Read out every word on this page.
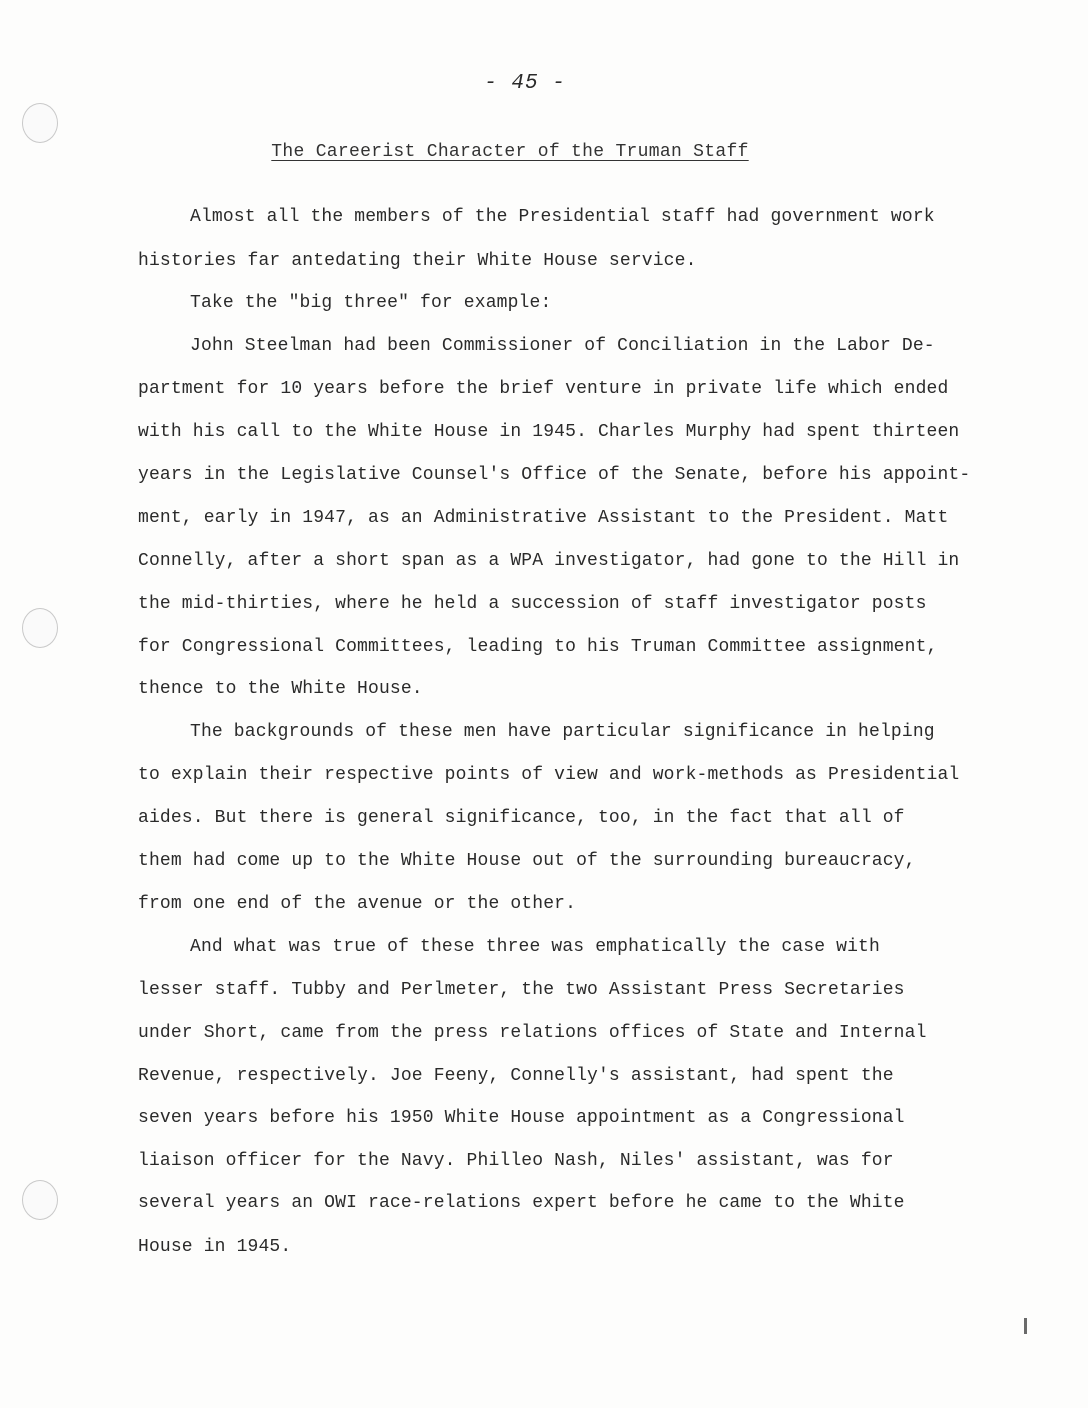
- 45 -
The Careerist Character of the Truman Staff
Almost all the members of the Presidential staff had government work
histories far antedating their White House service.
Take the "big three" for example:
John Steelman had been Commissioner of Conciliation in the Labor De-
partment for 10 years before the brief venture in private life which ended
with his call to the White House in 1945. Charles Murphy had spent thirteen
years in the Legislative Counsel's Office of the Senate, before his appoint-
ment, early in 1947, as an Administrative Assistant to the President. Matt
Connelly, after a short span as a WPA investigator, had gone to the Hill in
the mid-thirties, where he held a succession of staff investigator posts
for Congressional Committees, leading to his Truman Committee assignment,
thence to the White House.
The backgrounds of these men have particular significance in helping
to explain their respective points of view and work-methods as Presidential
aides. But there is general significance, too, in the fact that all of
them had come up to the White House out of the surrounding bureaucracy,
from one end of the avenue or the other.
And what was true of these three was emphatically the case with
lesser staff. Tubby and Perlmeter, the two Assistant Press Secretaries
under Short, came from the press relations offices of State and Internal
Revenue, respectively. Joe Feeny, Connelly's assistant, had spent the
seven years before his 1950 White House appointment as a Congressional
liaison officer for the Navy. Philleo Nash, Niles' assistant, was for
several years an OWI race-relations expert before he came to the White
House in 1945.
